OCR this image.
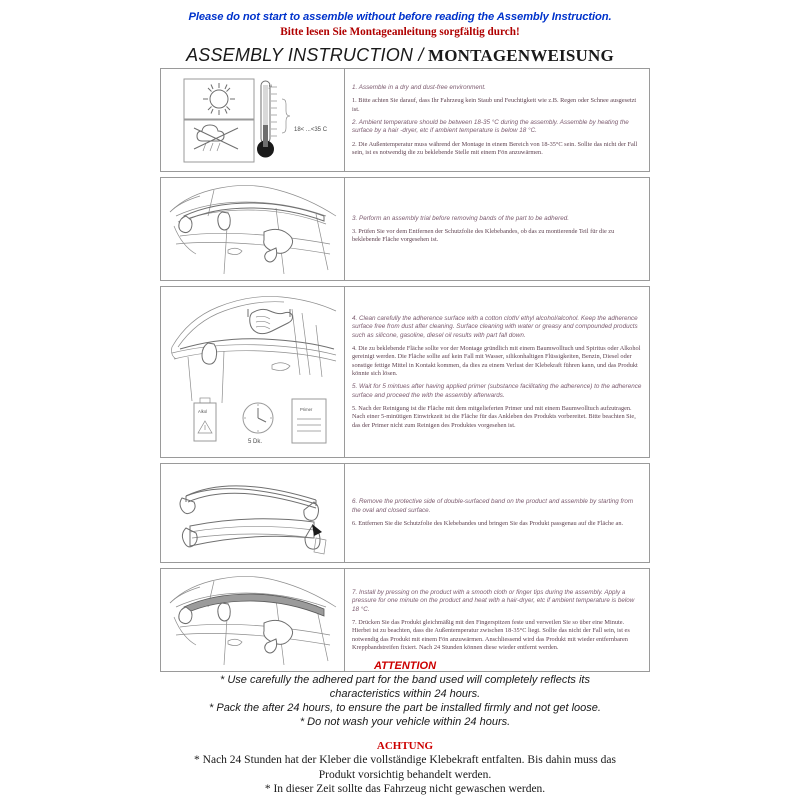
Please do not start to assemble without before reading the Assembly Instruction.
Bitte lesen Sie Montageanleitung sorgfältig durch!
ASSEMBLY INSTRUCTION / MONTAGENWEISUNG
°C
18< ...<35 C

1. Assemble in a dry and dust-free environment.

1. Bitte achten Sie darauf, dass Ihr Fahrzeug kein Staub und Feuchtigkeit wie z.B. Regen oder Schnee ausgesetzt ist.

2. Ambient temperature should be between 18-35 °C during the assembly. Assemble by heating the surface by a hair -dryer, etc if ambient temperature is below 18 °C.

2. Die Außentemperatur muss während der Montage in einem Bereich von 18-35°C sein. Sollte das nicht der Fall sein, ist es notwendig die zu beklebende Stelle mit einem Fön anzuwärmen.

3. Perform an assembly trial before removing bands of the part to be adhered.

3. Prüfen Sie vor dem Entfernen der Schutzfolie des Klebebandes, ob das zu montierende Teil für die zu beklebende Fläche vorgesehen ist.

Alkol
5 Dk.
Primer

4. Clean carefully the adherence surface with a cotton cloth/ ethyl alcohol/alcohol. Keep the adherence surface free from dust after cleaning. Surface cleaning with water or greasy and compounded products such as silicone, gasoline, diesel oil results with part fall down.

4. Die zu beklebende Fläche sollte vor der Montage gründlich mit einem Baumwolltuch und Spiritus oder Alkohol gereinigt werden. Die Fläche sollte auf kein Fall mit Wasser, silikonhaltigen Flüssigkeiten, Benzin, Diesel oder sonstige fettige Mittel in Kontakt kommen, da dies zu einem Verlust der Klebekraft führen kann, und das Produkt könnte sich lösen.

5. Wait for 5 mintues after having applied primer (substance facilitating the adherence) to the adherence surface and proceed the with the assembly afterwards.

5. Nach der Reinigung ist die Fläche mit dem mitgelieferten Primer und mit einem Baumwolltuch aufzutragen. Nach einer 5-minütigen Einwirkzeit ist die Fläche für das Ankleben des Produkts vorbereitet. Bitte beachten Sie, das der Primer nicht zum Reinigen des Produktes vorgesehen ist.

6. Remove the protective side of double-surfaced band on the product and assemble by starting from the oval and closed surface.

6. Entfernen Sie die Schutzfolie des Klebebandes und bringen Sie das Produkt passgenau auf die Fläche an.

7. Install by pressing on the product with a smooth cloth or finger tips during the assembly. Apply a pressure for one minute on the product and heat with a hair-dryer, etc if ambient temperature is below 18 °C.

7. Drücken Sie das Produkt gleichmäßig mit den Fingerspitzen feste und verweilen Sie so über eine Minute. Hierbei ist zu beachten, dass die Außentemperatur zwischen 18-35°C liegt. Sollte das nicht der Fall sein, ist es notwendig das Produkt mit einem Fön anzuwärmen. Anschliessend wird das Produkt mit wieder entfernbaren Kreppbandstreifen fixiert. Nach 24 Stunden können diese wieder entfernt werden.

ATTENTION
* Use carefully the adhered part for the band used will completely reflects its
characteristics within 24 hours.
* Pack the after 24 hours, to ensure the part be installed firmly and not get loose.
* Do not wash your vehicle within 24 hours.
ACHTUNG
* Nach 24 Stunden hat der Kleber die vollständige Klebekraft entfalten. Bis dahin muss das
Produkt vorsichtig behandelt werden.
* In dieser Zeit sollte das Fahrzeug nicht gewaschen werden.
